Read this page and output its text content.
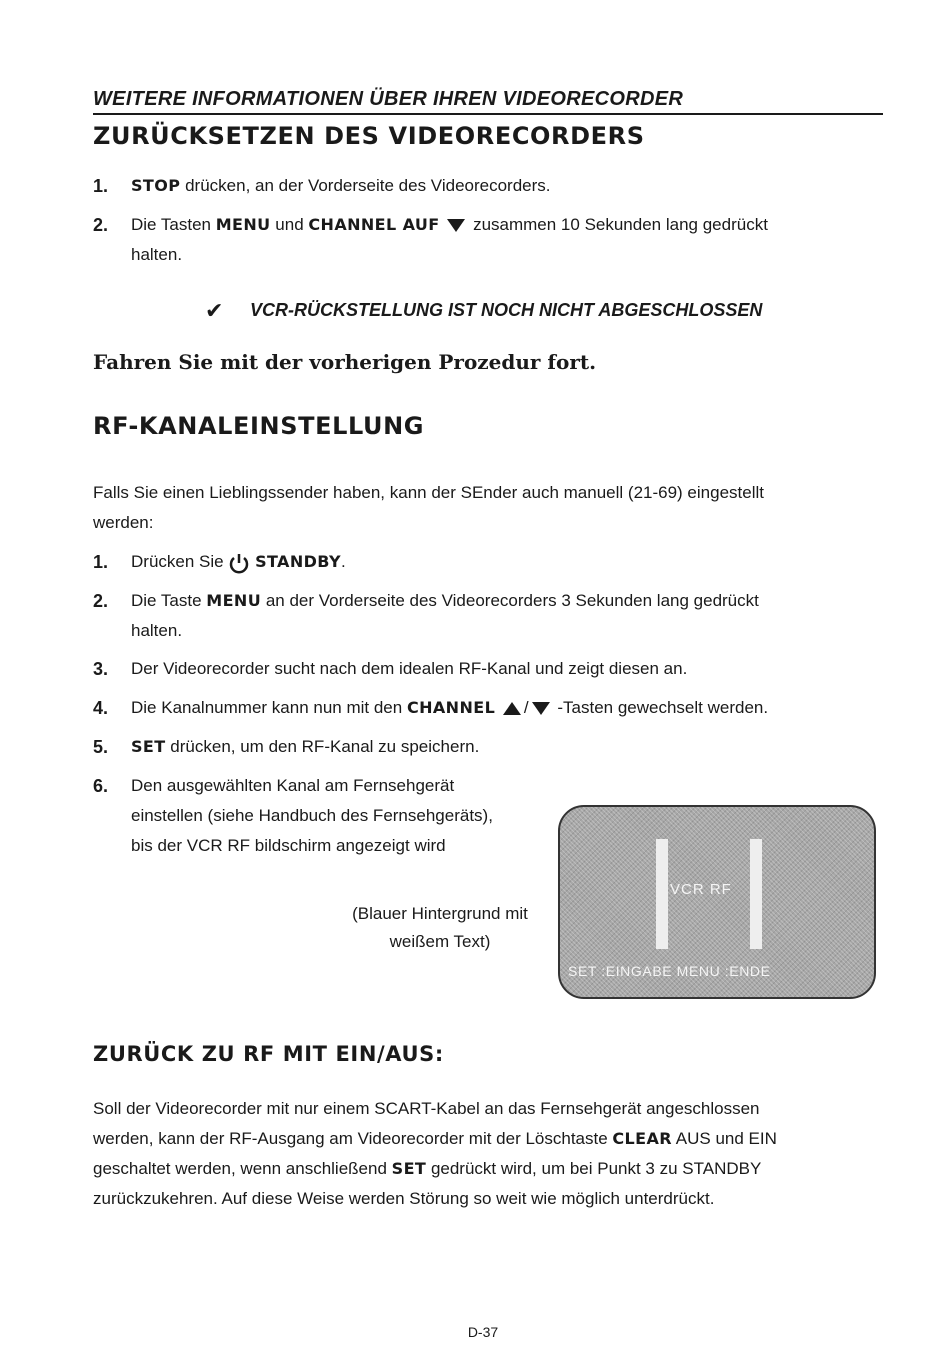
WEITERE INFORMATIONEN ÜBER IHREN VIDEORECORDER
ZURÜCKSETZEN DES VIDEORECORDERS
1. STOP drücken, an der Vorderseite des Videorecorders.
2. Die Tasten MENU und CHANNEL AUF  zusammen 10 Sekunden lang gedrückt
halten.
✔ VCR-RÜCKSTELLUNG IST NOCH NICHT ABGESCHLOSSEN
Fahren Sie mit der vorherigen Prozedur fort.
RF-KANALEINSTELLUNG
Falls Sie einen Lieblingssender haben, kann der SEnder auch manuell (21-69) eingestellt
werden:
1. Drücken Sie  STANDBY.
2. Die Taste MENU an der Vorderseite des Videorecorders 3 Sekunden lang gedrückt
halten.
3. Der Videorecorder sucht nach dem idealen RF-Kanal und zeigt diesen an.
4. Die Kanalnummer kann nun mit den CHANNEL / -Tasten gewechselt werden.
5. SET drücken, um den RF-Kanal zu speichern.
6. Den ausgewählten Kanal am Fernsehgerät
einstellen (siehe Handbuch des Fernsehgeräts),
bis der VCR RF bildschirm angezeigt wird
(Blauer Hintergrund mit
weißem Text)
VCR RF
SET :EINGABE MENU :ENDE
ZURÜCK ZU RF MIT EIN/AUS:
Soll der Videorecorder mit nur einem SCART-Kabel an das Fernsehgerät angeschlossen
werden, kann der RF-Ausgang am Videorecorder mit der Löschtaste CLEAR AUS und EIN
geschaltet werden, wenn anschließend SET gedrückt wird, um bei Punkt 3 zu STANDBY
zurückzukehren. Auf diese Weise werden Störung so weit wie möglich unterdrückt.
D-37
